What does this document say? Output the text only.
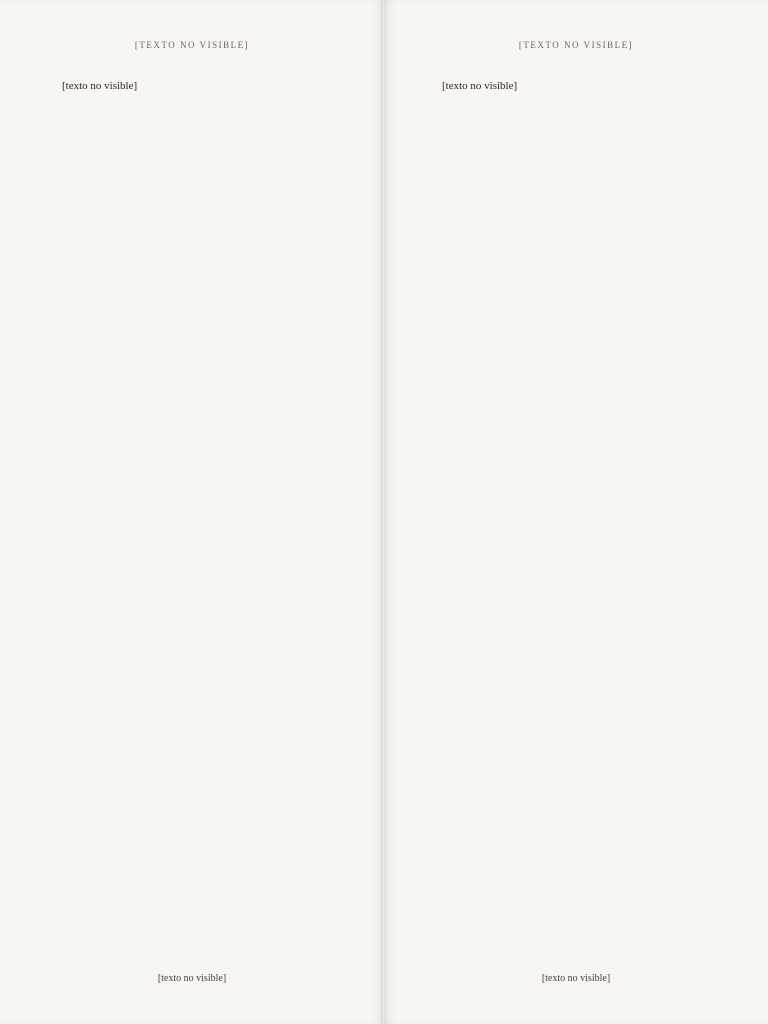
[TEXTO NO VISIBLE]

[texto no visible]

[texto no visible]
[TEXTO NO VISIBLE]

[texto no visible]

[texto no visible]
